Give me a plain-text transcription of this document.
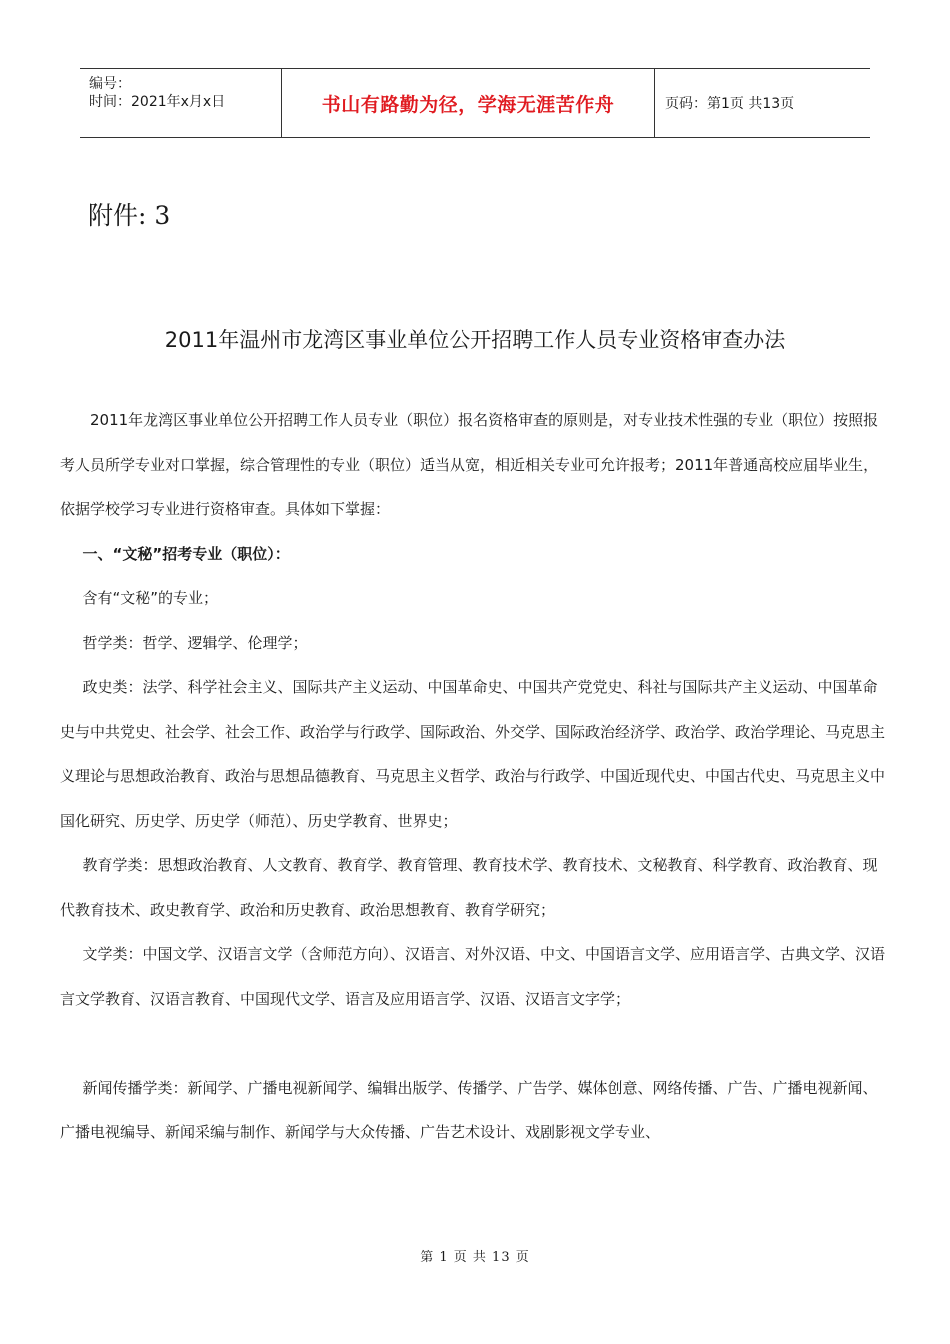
编号：
时间：2021年x月x日	书山有路勤为径，学海无涯苦作舟	页码：第1页 共13页
附件: 3
2011年温州市龙湾区事业单位公开招聘工作人员专业资格审查办法

2011年龙湾区事业单位公开招聘工作人员专业（职位）报名资格审查的原则是，对专业技术性强的专业（职位）按照报考人员所学专业对口掌握，综合管理性的专业（职位）适当从宽，相近相关专业可允许报考；2011年普通高校应届毕业生，依据学校学习专业进行资格审查。具体如下掌握：

一、“文秘”招考专业（职位）：

含有“文秘”的专业；

哲学类：哲学、逻辑学、伦理学；

政史类：法学、科学社会主义、国际共产主义运动、中国革命史、中国共产党党史、科社与国际共产主义运动、中国革命史与中共党史、社会学、社会工作、政治学与行政学、国际政治、外交学、国际政治经济学、政治学、政治学理论、马克思主义理论与思想政治教育、政治与思想品德教育、马克思主义哲学、政治与行政学、中国近现代史、中国古代史、马克思主义中国化研究、历史学、历史学（师范）、历史学教育、世界史；

教育学类：思想政治教育、人文教育、教育学、教育管理、教育技术学、教育技术、文秘教育、科学教育、政治教育、现代教育技术、政史教育学、政治和历史教育、政治思想教育、教育学研究；

文学类：中国文学、汉语言文学（含师范方向）、汉语言、对外汉语、中文、中国语言文学、应用语言学、古典文学、汉语言文学教育、汉语言教育、中国现代文学、语言及应用语言学、汉语、汉语言文字学；

新闻传播学类：新闻学、广播电视新闻学、编辑出版学、传播学、广告学、媒体创意、网络传播、广告、广播电视新闻、广播电视编导、新闻采编与制作、新闻学与大众传播、广告艺术设计、戏剧影视文学专业、

第 1 页 共 13 页
